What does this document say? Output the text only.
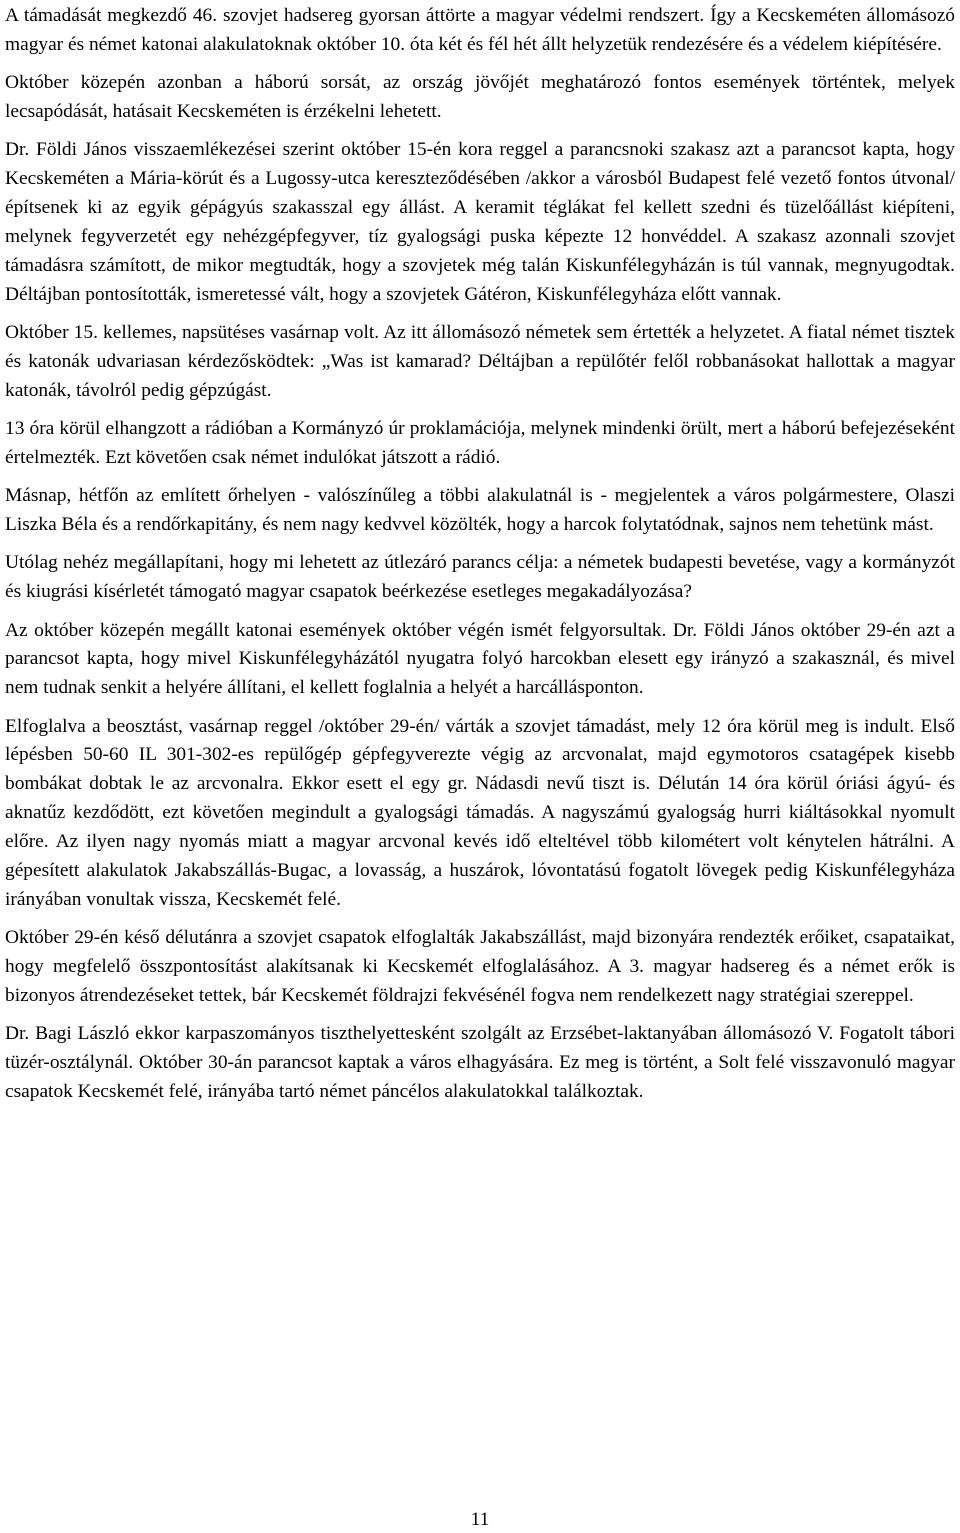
A támadását megkezdő 46. szovjet hadsereg gyorsan áttörte a magyar védelmi rendszert. Így a Kecskeméten állomásozó magyar és német katonai alakulatoknak október 10. óta két és fél hét állt helyzetük rendezésére és a védelem kiépítésére.

Október közepén azonban a háború sorsát, az ország jövőjét meghatározó fontos események történtek, melyek lecsapódását, hatásait Kecskeméten is érzékelni lehetett.

Dr. Földi János visszaemlékezései szerint október 15-én kora reggel a parancsnoki szakasz azt a parancsot kapta, hogy Kecskeméten a Mária-körút és a Lugossy-utca kereszteződésében /akkor a városból Budapest felé vezető fontos útvonal/ építsenek ki az egyik gépágyús szakasszal egy állást. A keramit téglákat fel kellett szedni és tüzelőállást kiépíteni, melynek fegyverzetét egy nehézgépfegyver, tíz gyalogsági puska képezte 12 honvéddel. A szakasz azonnali szovjet támadásra számított, de mikor megtudták, hogy a szovjetek még talán Kiskunfélegyházán is túl vannak, megnyugodtak. Déltájban pontosították, ismeretessé vált, hogy a szovjetek Gátéron, Kiskunfélegyháza előtt vannak.

Október 15. kellemes, napsütéses vasárnap volt. Az itt állomásozó németek sem értették a helyzetet. A fiatal német tisztek és katonák udvariasan kérdezősködtek: „Was ist kamarad? Déltájban a repülőtér felől robbanásokat hallottak a magyar katonák, távolról pedig gépzúgást.

13 óra körül elhangzott a rádióban a Kormányzó úr proklamációja, melynek mindenki örült, mert a háború befejezéseként értelmezték. Ezt követően csak német indulókat játszott a rádió.

Másnap, hétfőn az említett őrhelyen - valószínűleg a többi alakulatnál is - megjelentek a város polgármestere, Olaszi Liszka Béla és a rendőrkapitány, és nem nagy kedvvel közölték, hogy a harcok folytatódnak, sajnos nem tehetünk mást.

Utólag nehéz megállapítani, hogy mi lehetett az útlezáró parancs célja: a németek budapesti bevetése, vagy a kormányzót és kiugrási kísérletét támogató magyar csapatok beérkezése esetleges megakadályozása?

Az október közepén megállt katonai események október végén ismét felgyorsultak. Dr. Földi János október 29-én azt a parancsot kapta, hogy mivel Kiskunfélegyházától nyugatra folyó harcokban elesett egy irányzó a szakasznál, és mivel nem tudnak senkit a helyére állítani, el kellett foglalnia a helyét a harcállásponton.

Elfoglalva a beosztást, vasárnap reggel /október 29-én/ várták a szovjet támadást, mely 12 óra körül meg is indult. Első lépésben 50-60 IL 301-302-es repülőgép gépfegyverezte végig az arcvonalat, majd egymotoros csatagépek kisebb bombákat dobtak le az arcvonalra. Ekkor esett el egy gr. Nádasdi nevű tiszt is. Délután 14 óra körül óriási ágyú- és aknatűz kezdődött, ezt követően megindult a gyalogsági támadás. A nagyszámú gyalogság hurri kiáltásokkal nyomult előre. Az ilyen nagy nyomás miatt a magyar arcvonal kevés idő elteltével több kilométert volt kénytelen hátrálni. A gépesített alakulatok Jakabszállás-Bugac, a lovasság, a huszárok, lóvontatású fogatolt lövegek pedig Kiskunfélegyháza irányában vonultak vissza, Kecskemét felé.

Október 29-én késő délutánra a szovjet csapatok elfoglalták Jakabszállást, majd bizonyára rendezték erőiket, csapataikat, hogy megfelelő összpontosítást alakítsanak ki Kecskemét elfoglalásához. A 3. magyar hadsereg és a német erők is bizonyos átrendezéseket tettek, bár Kecskemét földrajzi fekvésénél fogva nem rendelkezett nagy stratégiai szereppel.

Dr. Bagi László ekkor karpaszományos tiszthelyettesként szolgált az Erzsébet-laktanyában állomásozó V. Fogatolt tábori tüzér-osztálynál. Október 30-án parancsot kaptak a város elhagyására. Ez meg is történt, a Solt felé visszavonuló magyar csapatok Kecskemét felé, irányába tartó német páncélos alakulatokkal találkoztak.

11
